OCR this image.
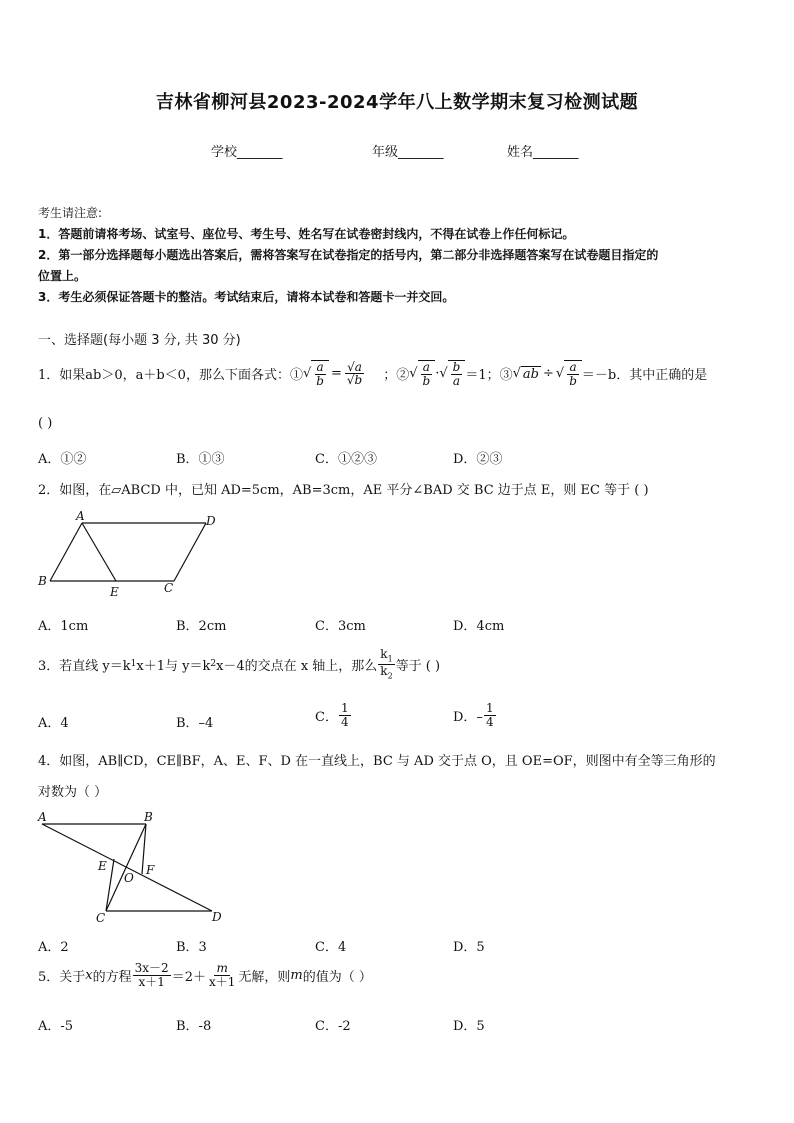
吉林省柳河县2023-2024学年八上数学期末复习检测试题
学校_______	年级_______	姓名_______
考生请注意:
1．答题前请将考场、试室号、座位号、考生号、姓名写在试卷密封线内，不得在试卷上作任何标记。
2．第一部分选择题每小题选出答案后，需将答案写在试卷指定的括号内，第二部分非选择题答案写在试卷题目指定的
位置上。
3．考生必须保证答题卡的整洁。考试结束后，请将本试卷和答题卡一并交回。
一、选择题(每小题 3 分, 共 30 分)
1．如果ab＞0，a＋b＜0，那么下面各式：① √ $\frac{a}{b} = \frac{√a}{√b}$ ；② √ $\frac{a}{b}$ · √ $\frac{b}{a} =1$；③ √ ab ÷ √ $\frac{a}{b} =-b$．其中正确的是
( )
A．①②	B．①③	C．①②③	D．②③
2．如图，在▱ABCD 中，已知 AD=5cm，AB=3cm，AE 平分∠BAD 交 BC 边于点 E，则 EC 等于 ( )
A	D
B
E	C
A．1cm	B．2cm	C．3cm	D．4cm
3．若直线 y＝k 1 x＋1与 y＝k 2 x－4的交点在 x 轴上，那么 $\frac{k_1}{k_2}$ 等于 ( )
A．4	B．–4	C． $\frac{1}{4}$	D．– $\frac{1}{4}$
4．如图，AB∥CD，CE∥BF，A、E、F、D 在一直线上，BC 与 AD 交于点 O，且 OE=OF，则图中有全等三角形的
对数为（ ）
A	B
E
O
F
C	D
A．2	B．3	C．4	D．5
5．关于 x 的方程 $\frac{3x-2}{x+1} =2+ \frac{m}{x+1}$ 无解，则 m 的值为（ ）
A．-5	B．-8	C．-2	D．5
